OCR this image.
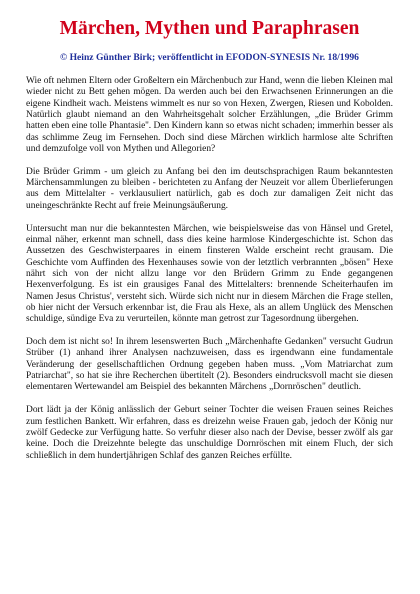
Märchen, Mythen und Paraphrasen

© Heinz Günther Birk; veröffentlicht in EFODON-SYNESIS Nr. 18/1996

Wie oft nehmen Eltern oder Großeltern ein Märchenbuch zur Hand, wenn die lieben Kleinen mal wieder nicht zu Bett gehen mögen. Da werden auch bei den Erwachsenen Erinnerungen an die eigene Kindheit wach. Meistens wimmelt es nur so von Hexen, Zwergen, Riesen und Kobolden. Natürlich glaubt niemand an den Wahrheitsgehalt solcher Erzählungen, „die Brüder Grimm hatten eben eine tolle Phantasie''. Den Kindern kann so etwas nicht schaden; immerhin besser als das schlimme Zeug im Fernsehen. Doch sind diese Märchen wirklich harmlose alte Schriften und demzufolge voll von Mythen und Allegorien?

Die Brüder Grimm - um gleich zu Anfang bei den im deutschsprachigen Raum bekanntesten Märchensammlungen zu bleiben - berichteten zu Anfang der Neuzeit vor allem Überlieferungen aus dem Mittelalter - verklausuliert natürlich, gab es doch zur damaligen Zeit nicht das uneingeschränkte Recht auf freie Meinungsäußerung.

Untersucht man nur die bekanntesten Märchen, wie beispielsweise das von Hänsel und Gretel, einmal näher, erkennt man schnell, dass dies keine harmlose Kindergeschichte ist. Schon das Aussetzen des Geschwisterpaares in einem finsteren Walde erscheint recht grausam. Die Geschichte vom Auffinden des Hexenhauses sowie von der letztlich verbrannten „bösen" Hexe nährt sich von der nicht allzu lange vor den Brüdern Grimm zu Ende gegangenen Hexenverfolgung. Es ist ein grausiges Fanal des Mittelalters: brennende Scheiterhaufen im Namen Jesus Christus', versteht sich. Würde sich nicht nur in diesem Märchen die Frage stellen, ob hier nicht der Versuch erkennbar ist, die Frau als Hexe, als an allem Unglück des Menschen schuldige, sündige Eva zu verurteilen, könnte man getrost zur Tagesordnung übergehen.

Doch dem ist nicht so! In ihrem lesenswerten Buch „Märchenhafte Gedanken" versucht Gudrun Strüber (1) anhand ihrer Analysen nachzuweisen, dass es irgendwann eine fundamentale Veränderung der gesellschaftlichen Ordnung gegeben haben muss. „Vom Matriarchat zum Patriarchat", so hat sie ihre Recherchen übertitelt (2). Besonders eindrucksvoll macht sie diesen elementaren Wertewandel am Beispiel des bekannten Märchens „Dornröschen" deutlich.

Dort lädt ja der König anlässlich der Geburt seiner Tochter die weisen Frauen seines Reiches zum festlichen Bankett. Wir erfahren, dass es dreizehn weise Frauen gab, jedoch der König nur zwölf Gedecke zur Verfügung hatte. So verfuhr dieser also nach der Devise, besser zwölf als gar keine. Doch die Dreizehnte belegte das unschuldige Dornröschen mit einem Fluch, der sich schließlich in dem hundertjährigen Schlaf des ganzen Reiches erfüllte.
